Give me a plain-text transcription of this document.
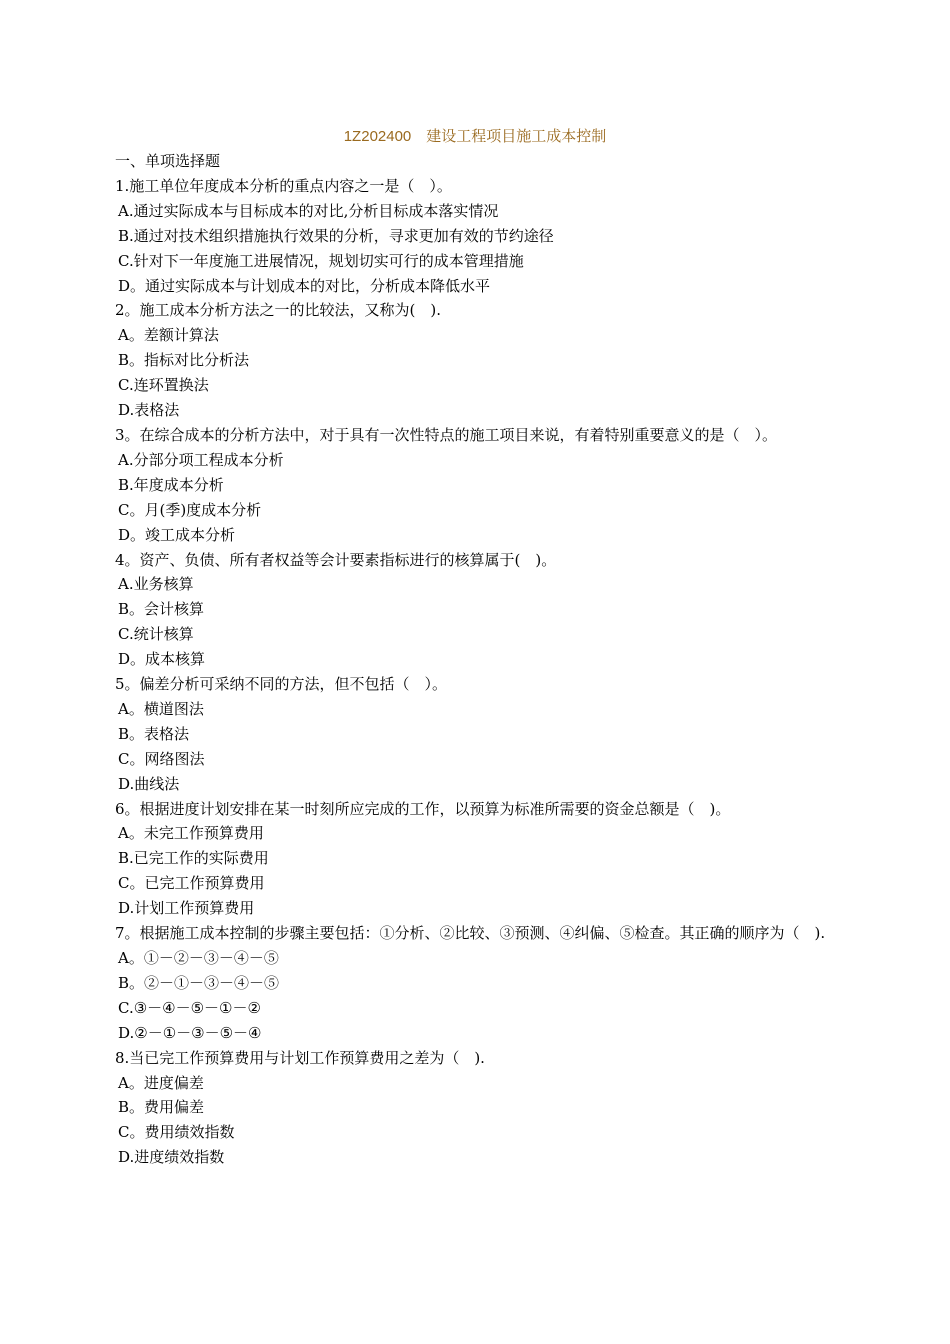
1Z202400　建设工程项目施工成本控制
一、单项选择题
1.施工单位年度成本分析的重点内容之一是（　）。
A.通过实际成本与目标成本的对比,分析目标成本落实情况
B.通过对技术组织措施执行效果的分析，寻求更加有效的节约途径
C.针对下一年度施工进展情况，规划切实可行的成本管理措施
D。通过实际成本与计划成本的对比，分析成本降低水平
2。施工成本分析方法之一的比较法，又称为(　).
A。差额计算法
B。指标对比分析法
C.连环置换法
D.表格法
3。在综合成本的分析方法中，对于具有一次性特点的施工项目来说，有着特别重要意义的是（　）。
A.分部分项工程成本分析
B.年度成本分析
C。月(季)度成本分析
D。竣工成本分析
4。资产、负债、所有者权益等会计要素指标进行的核算属于(　)。
A.业务核算
B。会计核算
C.统计核算
D。成本核算
5。偏差分析可采纳不同的方法，但不包括（　）。
A。横道图法
B。表格法
C。网络图法
D.曲线法
6。根据进度计划安排在某一时刻所应完成的工作，以预算为标准所需要的资金总额是（　)。
A。未完工作预算费用
B.已完工作的实际费用
C。已完工作预算费用
D.计划工作预算费用
7。根据施工成本控制的步骤主要包括：①分析、②比较、③预测、④纠偏、⑤检查。其正确的顺序为（　).
A。①－②－③－④－⑤
B。②－①－③－④－⑤
C.③－④－⑤－①－②
D.②－①－③－⑤－④
8.当已完工作预算费用与计划工作预算费用之差为（　).
A。进度偏差
B。费用偏差
C。费用绩效指数
D.进度绩效指数
